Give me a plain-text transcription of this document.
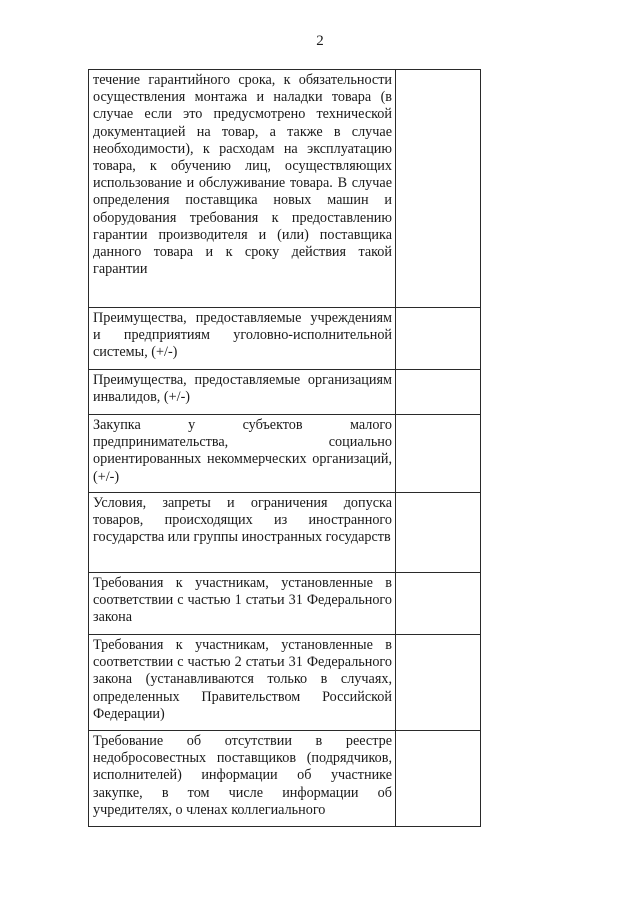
2
течение гарантийного срока, к обязательности осуществления монтажа и наладки товара (в случае если это предусмотрено технической документацией на товар, а также в случае необходимости), к расходам на эксплуатацию товара, к обучению лиц, осуществляющих использование и обслуживание товара. В случае определения поставщика новых машин и оборудования требования к предоставлению гарантии производителя и (или) поставщика данного товара и к сроку действия такой гарантии	

Преимущества, предоставляемые учреждениям и предприятиям уголовно-исполнительной системы, (+/-)	

Преимущества, предоставляемые организациям инвалидов, (+/-)	

Закупка у субъектов малого предпринимательства, социально ориентированных некоммерческих организаций, (+/-)	

Условия, запреты и ограничения допуска товаров, происходящих из иностранного государства или группы иностранных государств	

Требования к участникам, установленные в соответствии с частью 1 статьи 31 Федерального закона	

Требования к участникам, установленные в соответствии с частью 2 статьи 31 Федерального закона (устанавливаются только в случаях, определенных Правительством Российской Федерации)	

Требование об отсутствии в реестре недобросовестных поставщиков (подрядчиков, исполнителей) информации об участнике закупке, в том числе информации об учредителях, о членах коллегиального	
